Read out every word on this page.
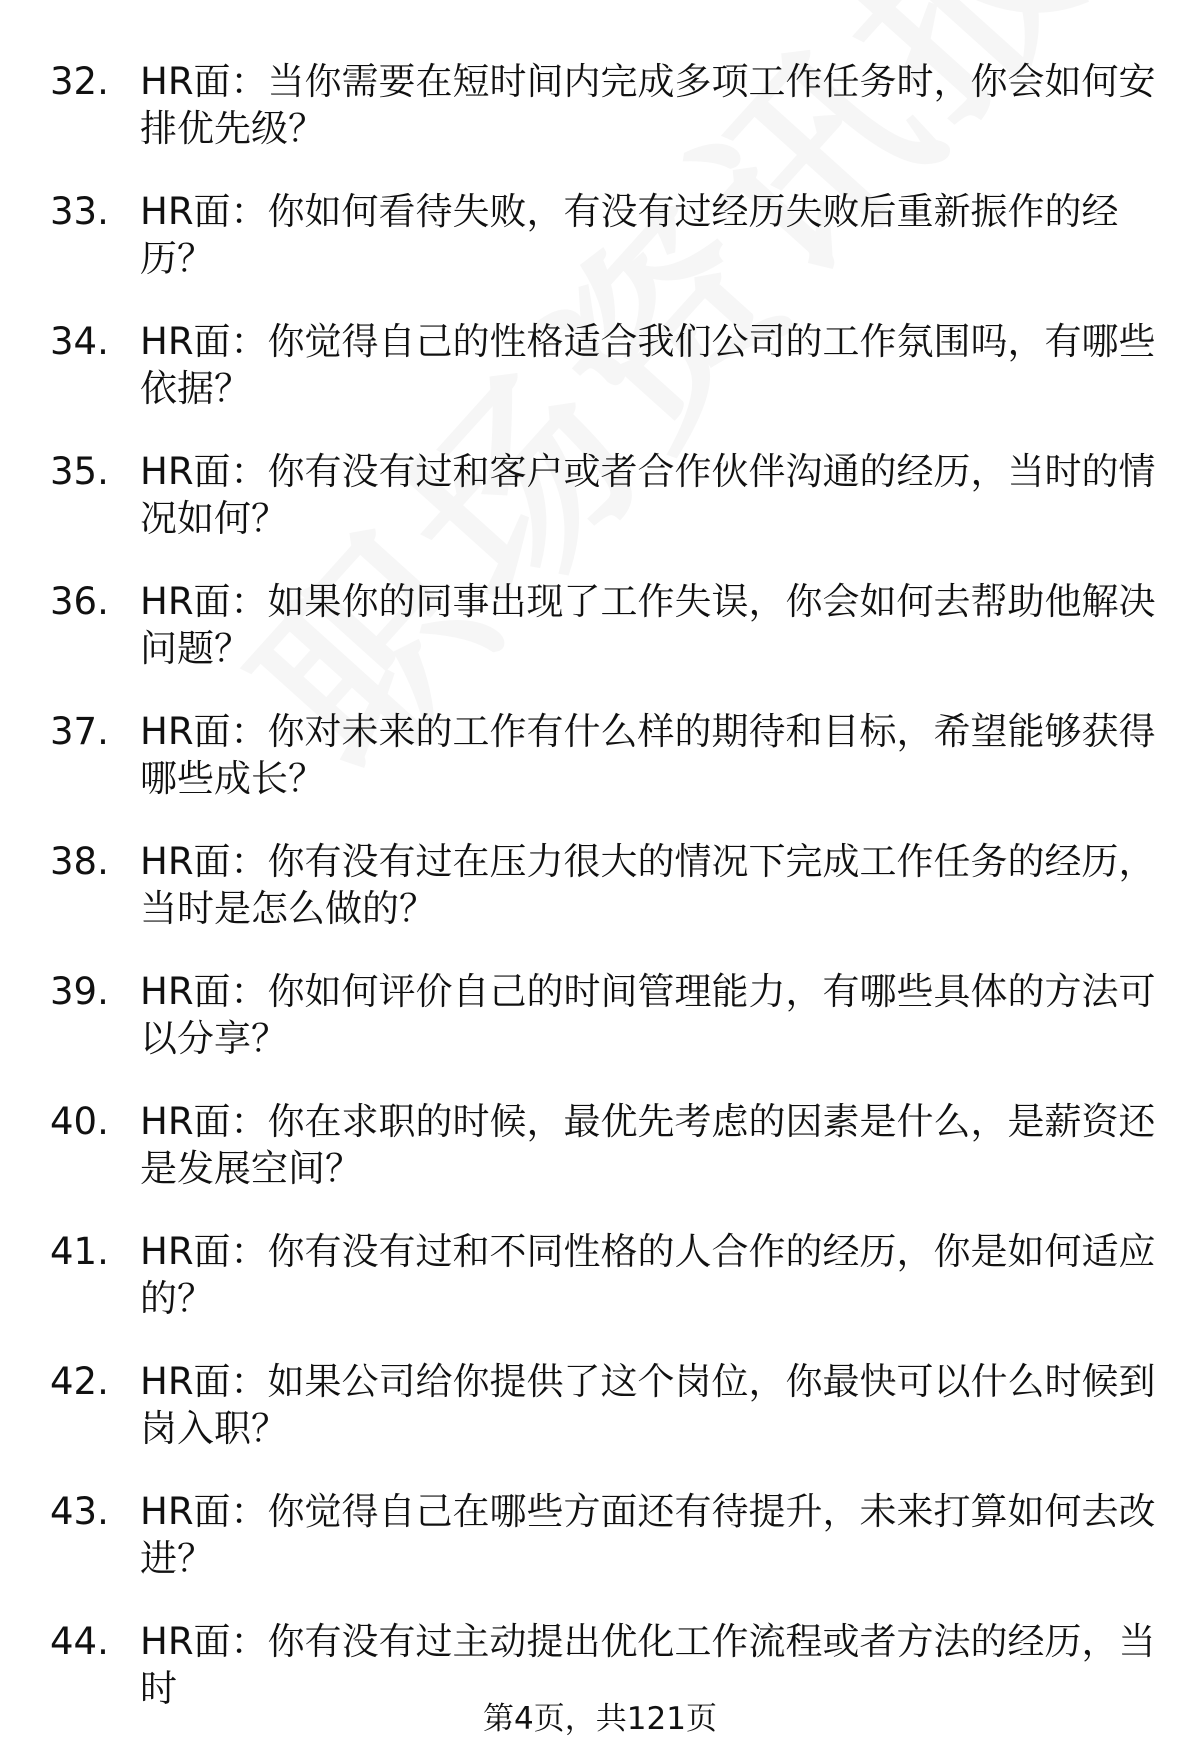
32. HR面：当你需要在短时间内完成多项工作任务时，你会如何安排优先级？
33. HR面：你如何看待失败，有没有过经历失败后重新振作的经历？
34. HR面：你觉得自己的性格适合我们公司的工作氛围吗，有哪些依据？
35. HR面：你有没有过和客户或者合作伙伴沟通的经历，当时的情况如何？
36. HR面：如果你的同事出现了工作失误，你会如何去帮助他解决问题？
37. HR面：你对未来的工作有什么样的期待和目标，希望能够获得哪些成长？
38. HR面：你有没有过在压力很大的情况下完成工作任务的经历，当时是怎么做的？
39. HR面：你如何评价自己的时间管理能力，有哪些具体的方法可以分享？
40. HR面：你在求职的时候，最优先考虑的因素是什么，是薪资还是发展空间？
41. HR面：你有没有过和不同性格的人合作的经历，你是如何适应的？
42. HR面：如果公司给你提供了这个岗位，你最快可以什么时候到岗入职？
43. HR面：你觉得自己在哪些方面还有待提升，未来打算如何去改进？
44. HR面：你有没有过主动提出优化工作流程或者方法的经历，当时
第4页，共121页
